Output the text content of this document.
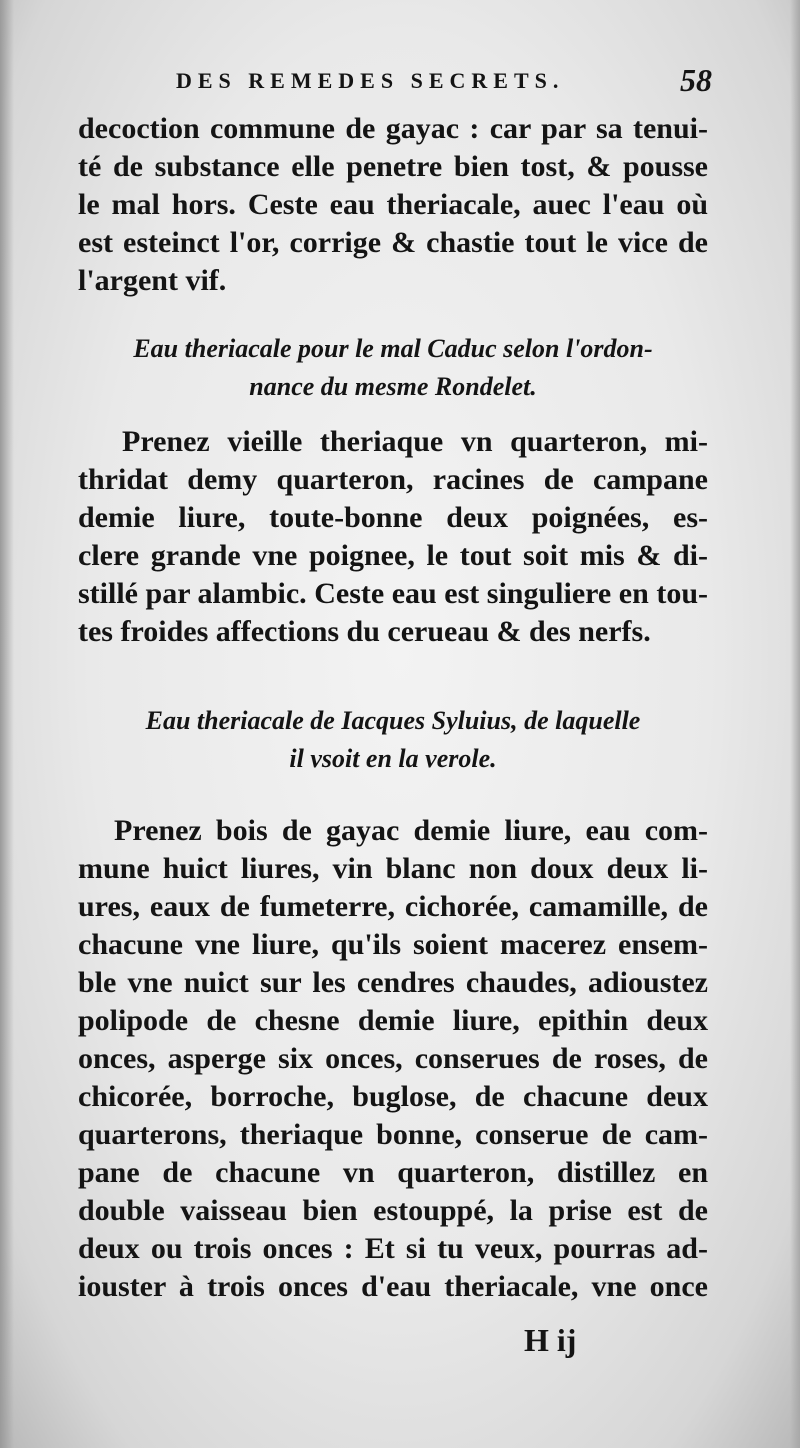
DES REMEDES SECRETS.	58
decoction commune de gayac : car par sa tenui-
té de substance elle penetre bien tost, & pousse
le mal hors. Ceste eau theriacale, auec l'eau où
est esteinct l'or, corrige & chastie tout le vice de
l'argent vif.
Eau theriacale pour le mal Caduc selon l'ordon-
nance du mesme Rondelet.
Prenez vieille theriaque vn quarteron, mi-
thridat demy quarteron, racines de campane
demie liure, toute-bonne deux poignées, es-
clere grande vne poignee, le tout soit mis & di-
stillé par alambic. Ceste eau est singuliere en tou-
tes froides affections du cerueau & des nerfs.
Eau theriacale de Iacques Syluius, de laquelle
il vsoit en la verole.
Prenez bois de gayac demie liure, eau com-
mune huict liures, vin blanc non doux deux li-
ures, eaux de fumeterre, cichorée, camamille, de
chacune vne liure, qu'ils soient macerez ensem-
ble vne nuict sur les cendres chaudes, adioustez
polipode de chesne demie liure, epithin deux
onces, asperge six onces, conserues de roses, de
chicorée, borroche, buglose, de chacune deux
quarterons, theriaque bonne, conserue de cam-
pane de chacune vn quarteron, distillez en
double vaisseau bien estouppé, la prise est de
deux ou trois onces : Et si tu veux, pourras ad-
iouster à trois onces d'eau theriacale, vne once
H ij
